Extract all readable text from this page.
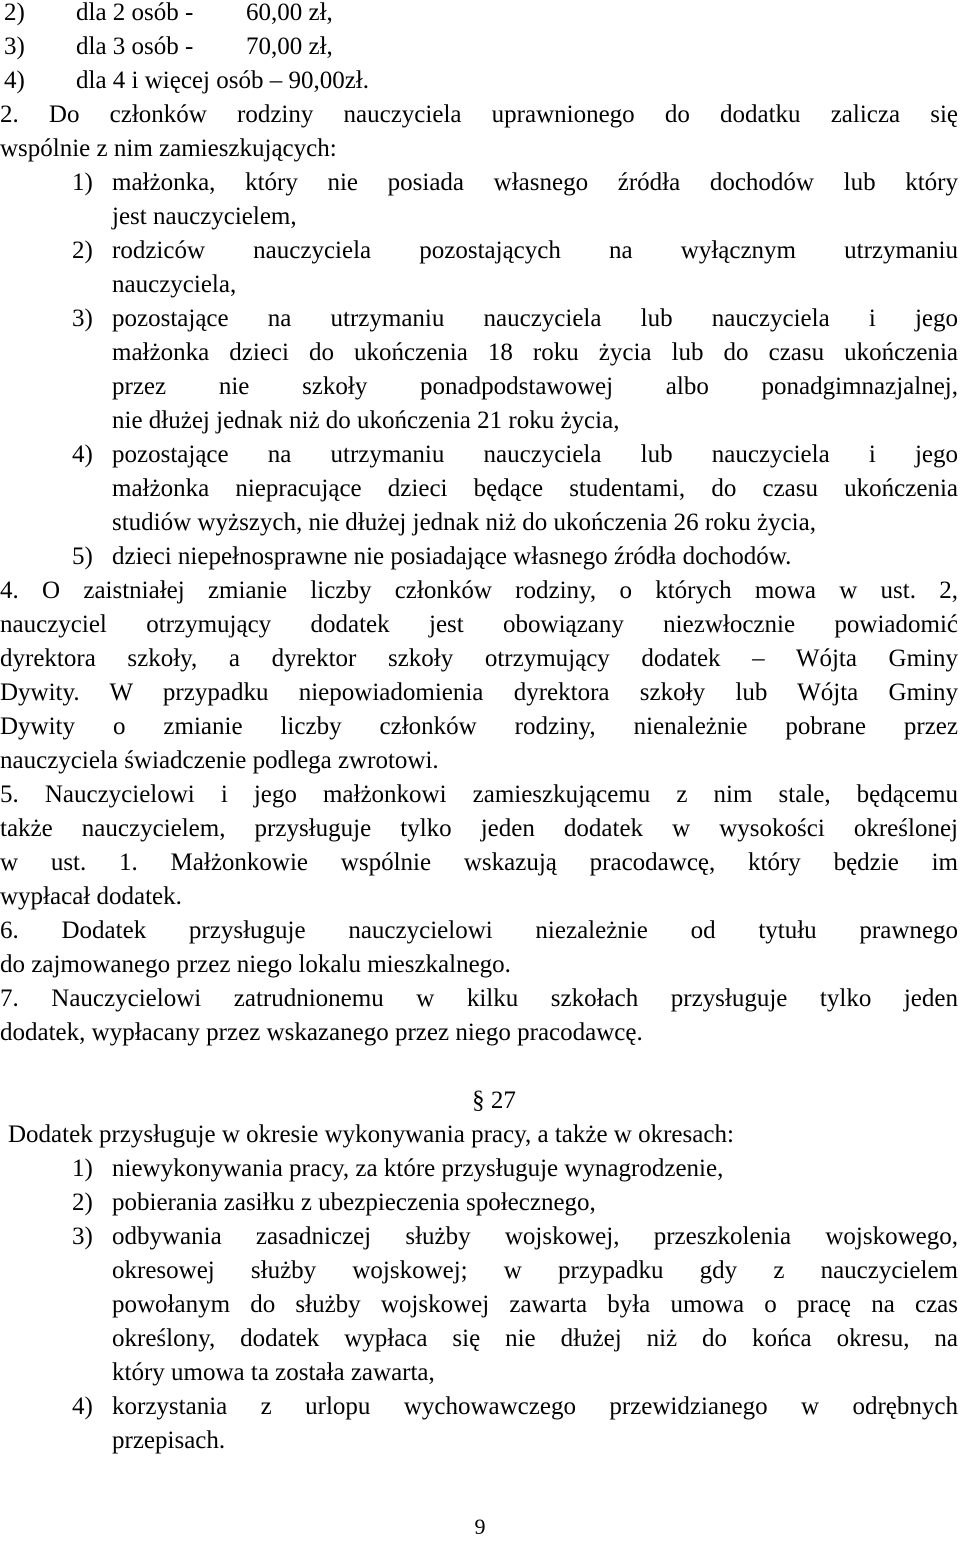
2) dla 2 osób - 60,00 zł,
3) dla 3 osób - 70,00 zł,
4) dla 4 i więcej osób – 90,00zł.
2. Do członków rodziny nauczyciela uprawnionego do dodatku zalicza się
wspólnie z nim zamieszkujących:
1) małżonka, który nie posiada własnego źródła dochodów lub który
jest nauczycielem,
2) rodziców nauczyciela pozostających na wyłącznym utrzymaniu
nauczyciela,
3) pozostające na utrzymaniu nauczyciela lub nauczyciela i jego
małżonka dzieci do ukończenia 18 roku życia lub do czasu ukończenia
przez nie szkoły ponadpodstawowej albo ponadgimnazjalnej,
nie dłużej jednak niż do ukończenia 21 roku życia,
4) pozostające na utrzymaniu nauczyciela lub nauczyciela i jego
małżonka niepracujące dzieci będące studentami, do czasu ukończenia
studiów wyższych, nie dłużej jednak niż do ukończenia 26 roku życia,
5) dzieci niepełnosprawne nie posiadające własnego źródła dochodów.
4. O zaistniałej zmianie liczby członków rodziny, o których mowa w ust. 2,
nauczyciel otrzymujący dodatek jest obowiązany niezwłocznie powiadomić
dyrektora szkoły, a dyrektor szkoły otrzymujący dodatek – Wójta Gminy
Dywity. W przypadku niepowiadomienia dyrektora szkoły lub Wójta Gminy
Dywity o zmianie liczby członków rodziny, nienależnie pobrane przez
nauczyciela świadczenie podlega zwrotowi.
5. Nauczycielowi i jego małżonkowi zamieszkującemu z nim stale, będącemu
także nauczycielem, przysługuje tylko jeden dodatek w wysokości określonej
w ust. 1. Małżonkowie wspólnie wskazują pracodawcę, który będzie im
wypłacał dodatek.
6. Dodatek przysługuje nauczycielowi niezależnie od tytułu prawnego
do zajmowanego przez niego lokalu mieszkalnego.
7. Nauczycielowi zatrudnionemu w kilku szkołach przysługuje tylko jeden
dodatek, wypłacany przez wskazanego przez niego pracodawcę.
§ 27
Dodatek przysługuje w okresie wykonywania pracy, a także w okresach:
1) niewykonywania pracy, za które przysługuje wynagrodzenie,
2) pobierania zasiłku z ubezpieczenia społecznego,
3) odbywania zasadniczej służby wojskowej, przeszkolenia wojskowego,
okresowej służby wojskowej; w przypadku gdy z nauczycielem
powołanym do służby wojskowej zawarta była umowa o pracę na czas
określony, dodatek wypłaca się nie dłużej niż do końca okresu, na
który umowa ta została zawarta,
4) korzystania z urlopu wychowawczego przewidzianego w odrębnych
przepisach.
9
